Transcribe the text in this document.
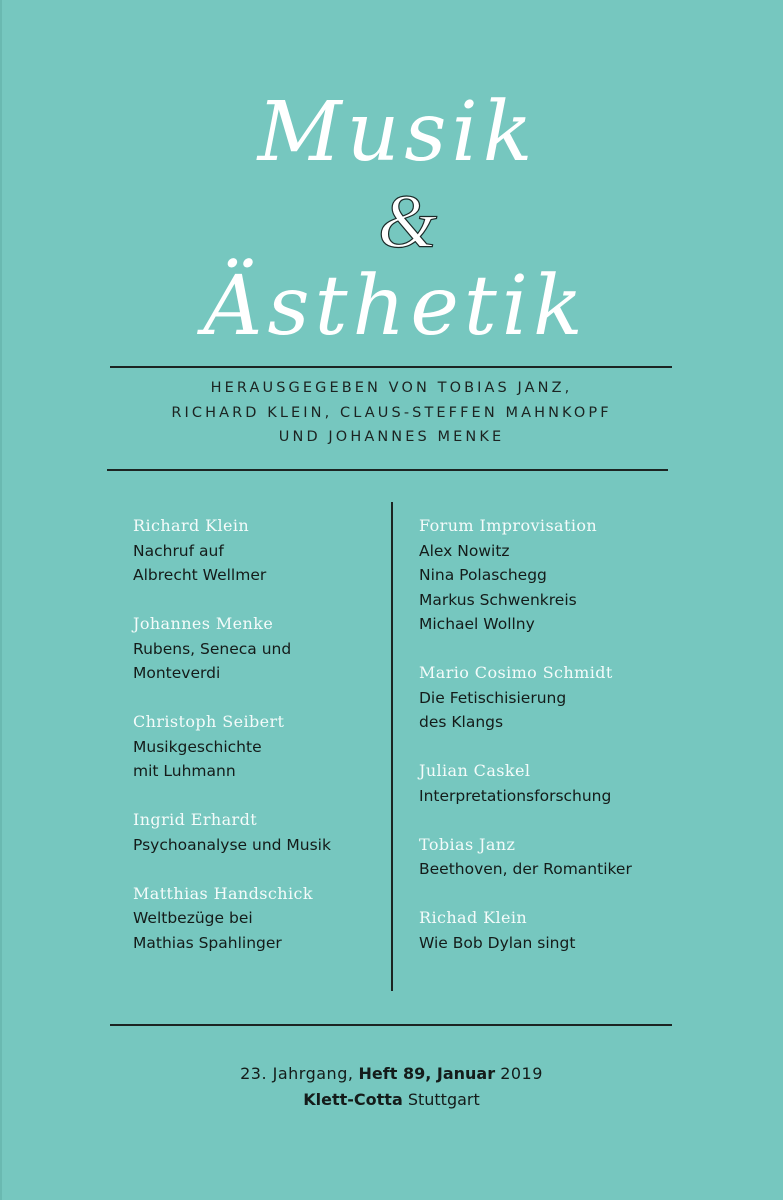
Musik
&
Ästhetik
HERAUSGEGEBEN VON TOBIAS JANZ,
RICHARD KLEIN, CLAUS-STEFFEN MAHNKOPF
UND JOHANNES MENKE
Richard Klein
Nachruf auf
Albrecht Wellmer
Johannes Menke
Rubens, Seneca und
Monteverdi
Christoph Seibert
Musikgeschichte
mit Luhmann
Ingrid Erhardt
Psychoanalyse und Musik
Matthias Handschick
Weltbezüge bei
Mathias Spahlinger
Forum Improvisation
Alex Nowitz
Nina Polaschegg
Markus Schwenkreis
Michael Wollny
Mario Cosimo Schmidt
Die Fetischisierung
des Klangs
Julian Caskel
Interpretationsforschung
Tobias Janz
Beethoven, der Romantiker
Richad Klein
Wie Bob Dylan singt
23. Jahrgang, Heft 89, Januar 2019
Klett-Cotta Stuttgart
